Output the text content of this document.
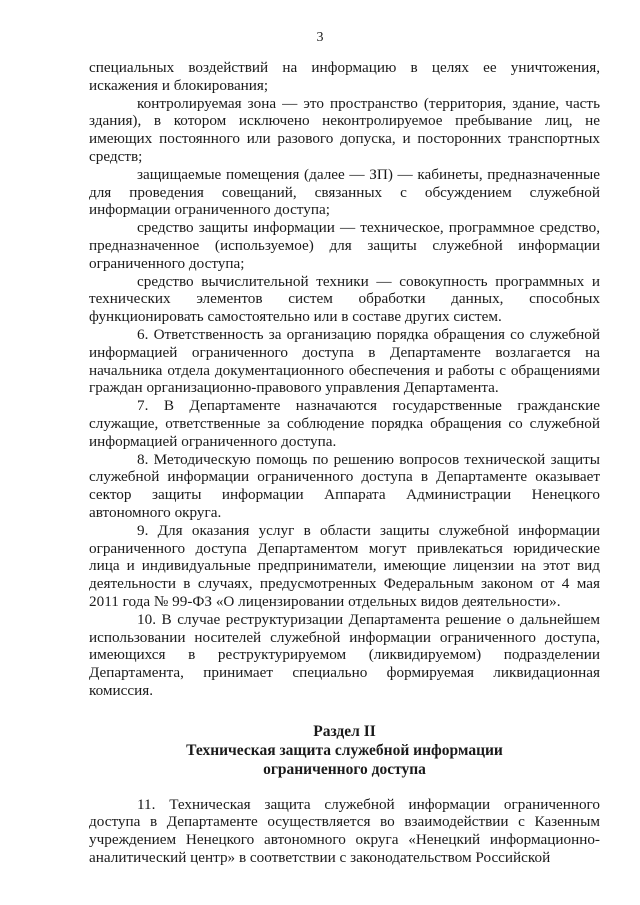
3

специальных воздействий на информацию в целях ее уничтожения, искажения и блокирования;

контролируемая зона — это пространство (территория, здание, часть здания), в котором исключено неконтролируемое пребывание лиц, не имеющих постоянного или разового допуска, и посторонних транспортных средств;

защищаемые помещения (далее — ЗП) — кабинеты, предназначенные для проведения совещаний, связанных с обсуждением служебной информации ограниченного доступа;

средство защиты информации — техническое, программное средство, предназначенное (используемое) для защиты служебной информации ограниченного доступа;

средство вычислительной техники — совокупность программных и технических элементов систем обработки данных, способных функционировать самостоятельно или в составе других систем.

6. Ответственность за организацию порядка обращения со служебной информацией ограниченного доступа в Департаменте возлагается на начальника отдела документационного обеспечения и работы с обращениями граждан организационно-правового управления Департамента.

7. В Департаменте назначаются государственные гражданские служащие, ответственные за соблюдение порядка обращения со служебной информацией ограниченного доступа.

8. Методическую помощь по решению вопросов технической защиты служебной информации ограниченного доступа в Департаменте оказывает сектор защиты информации Аппарата Администрации Ненецкого автономного округа.

9. Для оказания услуг в области защиты служебной информации ограниченного доступа Департаментом могут привлекаться юридические лица и индивидуальные предприниматели, имеющие лицензии на этот вид деятельности в случаях, предусмотренных Федеральным законом от 4 мая 2011 года № 99-ФЗ «О лицензировании отдельных видов деятельности».

10. В случае реструктуризации Департамента решение о дальнейшем использовании носителей служебной информации ограниченного доступа, имеющихся в реструктурируемом (ликвидируемом) подразделении Департамента, принимает специально формируемая ликвидационная комиссия.

Раздел II
Техническая защита служебной информации
ограниченного доступа

11. Техническая защита служебной информации ограниченного доступа в Департаменте осуществляется во взаимодействии с Казенным учреждением Ненецкого автономного округа «Ненецкий информационно-аналитический центр» в соответствии с законодательством Российской
